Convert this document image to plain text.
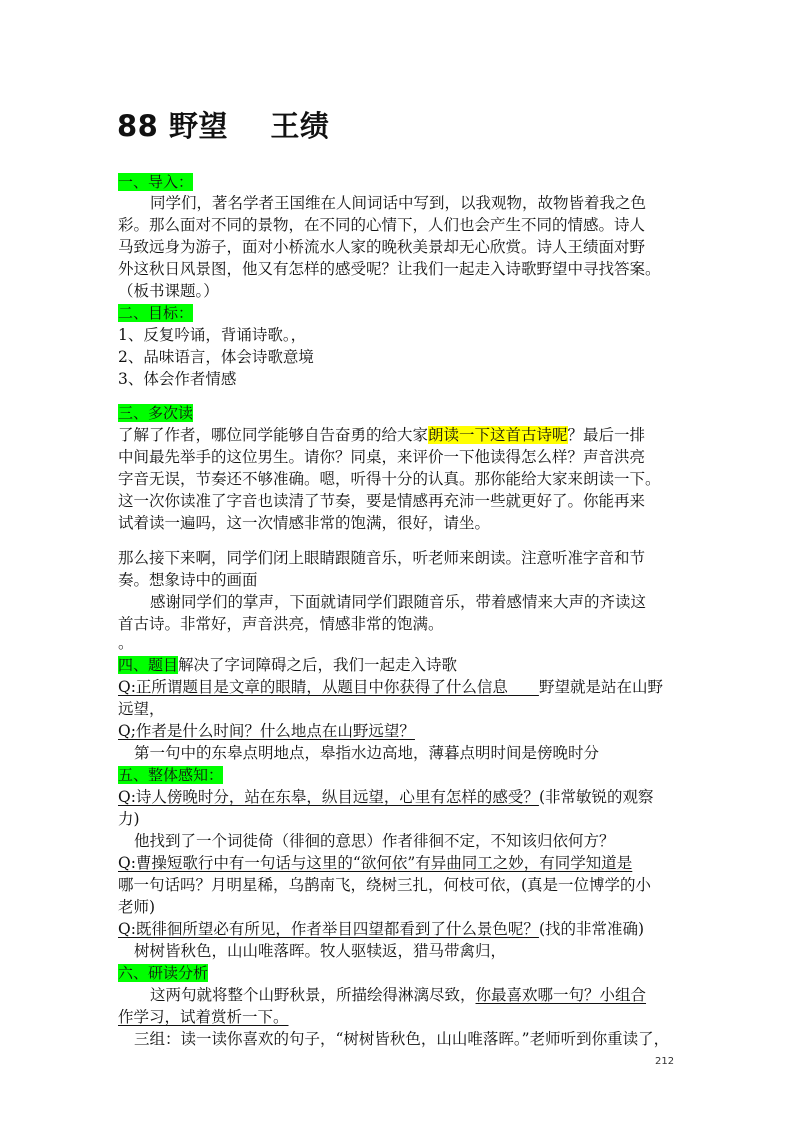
88 野望    王绩
一、导入：
同学们，著名学者王国维在人间词话中写到，以我观物，故物皆着我之色
彩。那么面对不同的景物，在不同的心情下，人们也会产生不同的情感。诗人
马致远身为游子，面对小桥流水人家的晚秋美景却无心欣赏。诗人王绩面对野
外这秋日风景图，他又有怎样的感受呢？让我们一起走入诗歌野望中寻找答案。
（板书课题。）
二、目标：
1、反复吟诵，背诵诗歌。，
2、品味语言，体会诗歌意境
3、体会作者情感
三、多次读
了解了作者，哪位同学能够自告奋勇的给大家朗读一下这首古诗呢？最后一排
中间最先举手的这位男生。请你？同桌，来评价一下他读得怎么样？声音洪亮
字音无误，节奏还不够准确。嗯，听得十分的认真。那你能给大家来朗读一下。
这一次你读准了字音也读清了节奏，要是情感再充沛一些就更好了。你能再来
试着读一遍吗，这一次情感非常的饱满，很好，请坐。
那么接下来啊，同学们闭上眼睛跟随音乐，听老师来朗读。注意听准字音和节
奏。想象诗中的画面
感谢同学们的掌声，下面就请同学们跟随音乐，带着感情来大声的齐读这
首古诗。非常好，声音洪亮，情感非常的饱满。
。
四、题目解决了字词障碍之后，我们一起走入诗歌
Q:正所谓题目是文章的眼睛，从题目中你获得了什么信息   野望就是站在山野
远望，
Q;作者是什么时间？什么地点在山野远望？
第一句中的东皋点明地点，皋指水边高地，薄暮点明时间是傍晚时分
五、整体感知：
Q:诗人傍晚时分，站在东皋，纵目远望，心里有怎样的感受？(非常敏锐的观察
力)
他找到了一个词徙倚（徘徊的意思）作者徘徊不定，不知该归依何方？
Q:曹操短歌行中有一句话与这里的“欲何依”有异曲同工之妙，有同学知道是
哪一句话吗？月明星稀，乌鹊南飞，绕树三扎，何枝可依，(真是一位博学的小
老师)
Q:既徘徊所望必有所见，作者举目四望都看到了什么景色呢？(找的非常准确)
树树皆秋色，山山唯落晖。牧人驱犊返，猎马带禽归，
六、研读分析
这两句就将整个山野秋景，所描绘得淋漓尽致，你最喜欢哪一句？小组合
作学习，试着赏析一下。
三组：读一读你喜欢的句子，“树树皆秋色，山山唯落晖。”老师听到你重读了，
212
